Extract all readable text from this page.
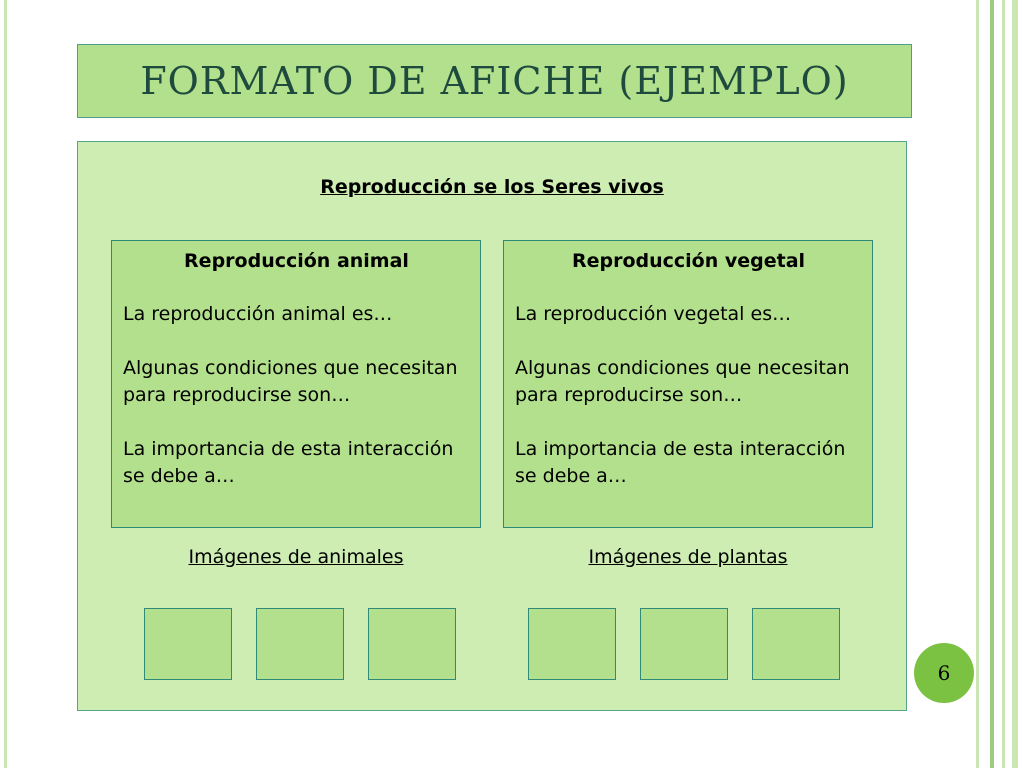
FORMATO DE AFICHE (EJEMPLO)
Reproducción se los Seres vivos
Reproducción animal

La reproducción animal es…

Algunas condiciones que necesitan para reproducirse son…

La importancia de esta interacción se debe a…

Reproducción vegetal

La reproducción vegetal es…

Algunas condiciones que necesitan para reproducirse son…

La importancia de esta interacción se debe a…

Imágenes de animales	Imágenes de plantas
6
